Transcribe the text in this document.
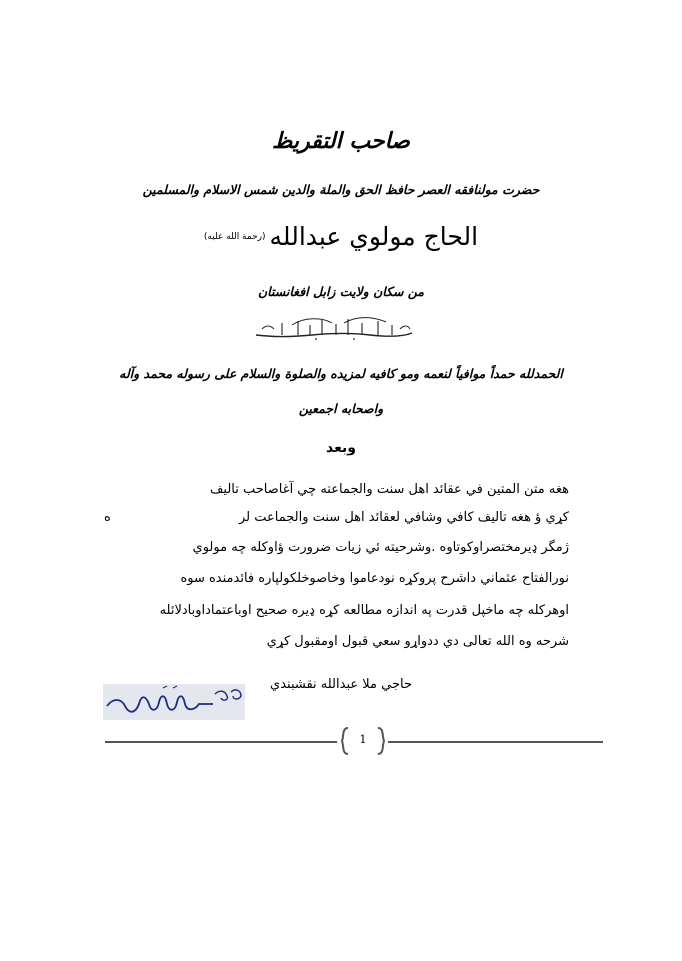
صاحب التقريظ
حضرت مولنافقه العصر حافظ الحق والملة والدين شمس الاسلام والمسلمين
الحاج مولوي عبدالله$^{(رحمة الله عليه)}$
من سكان ولايت زابل افغانستان
الحمدلله حمداً موافياً لنعمه ومو كافيه لمزيده والصلوة والسلام على رسوله محمد وآله
واصحابه اجمعين
وبعد
هغه متن المتين في عقائد اهل سنت والجماعته چي آغاصاحب تاليف
كړي ؤ هغه تاليف كافي وشافي لعقائد اهل سنت والجماعت لر
ه
ژمگر ډيرمختصراوكوتاوه .وشرحيته ئي زيات ضرورت ؤاوكله چه مولوي
نورالفتاح عثماني داشرح پروكړه نودعاموا وخاصوخلكولپاره فائدمنده سوه
اوهركله چه ماخپل قدرت په اندازه مطالعه كړه ډيره صحيح اوباعتماداوبادلائله
شرحه وه الله تعالى دي ددواړو سعي قبول اومقبول كړي
حاجي ملا عبدالله نقشبندي
1
